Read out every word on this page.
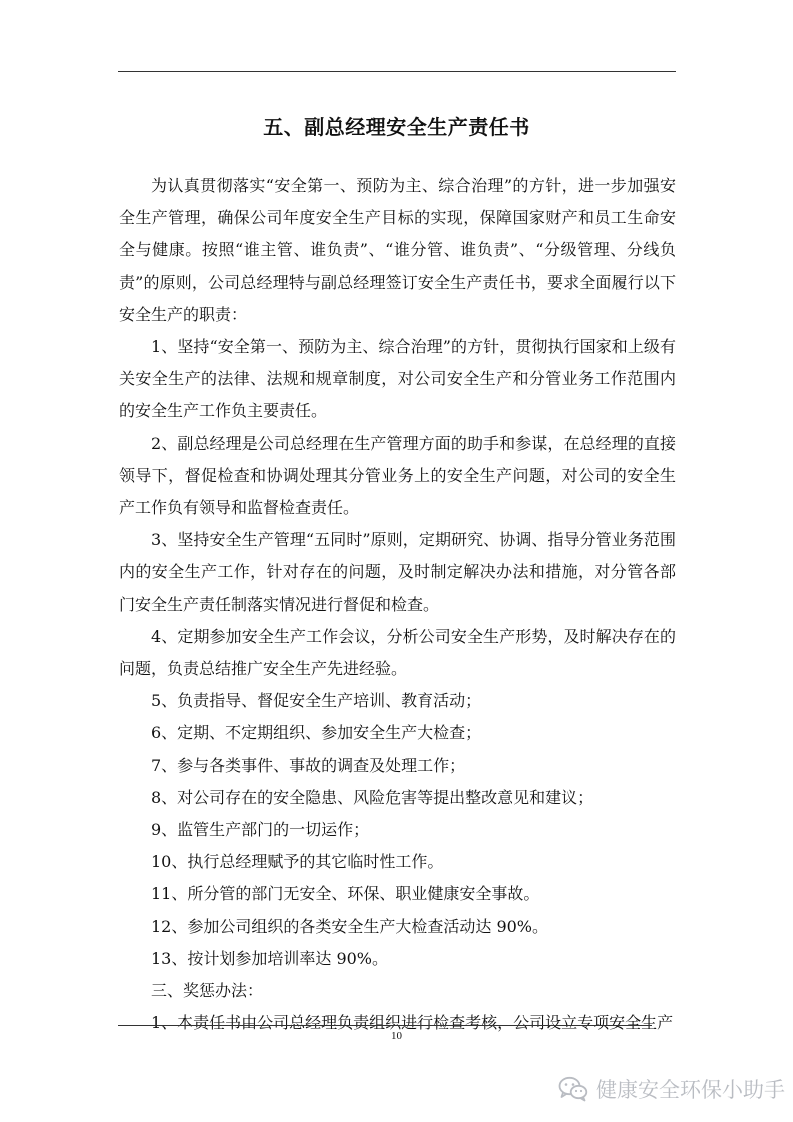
五、副总经理安全生产责任书

为认真贯彻落实“安全第一、预防为主、综合治理”的方针，进一步加强安全生产管理，确保公司年度安全生产目标的实现，保障国家财产和员工生命安全与健康。按照“谁主管、谁负责”、“谁分管、谁负责”、“分级管理、分线负责”的原则，公司总经理特与副总经理签订安全生产责任书，要求全面履行以下安全生产的职责：

1、坚持“安全第一、预防为主、综合治理”的方针，贯彻执行国家和上级有关安全生产的法律、法规和规章制度，对公司安全生产和分管业务工作范围内的安全生产工作负主要责任。

2、副总经理是公司总经理在生产管理方面的助手和参谋，在总经理的直接领导下，督促检查和协调处理其分管业务上的安全生产问题，对公司的安全生产工作负有领导和监督检查责任。

3、坚持安全生产管理“五同时”原则，定期研究、协调、指导分管业务范围内的安全生产工作，针对存在的问题，及时制定解决办法和措施，对分管各部门安全生产责任制落实情况进行督促和检查。

4、定期参加安全生产工作会议，分析公司安全生产形势，及时解决存在的问题，负责总结推广安全生产先进经验。

5、负责指导、督促安全生产培训、教育活动；

6、定期、不定期组织、参加安全生产大检查；

7、参与各类事件、事故的调查及处理工作；

8、对公司存在的安全隐患、风险危害等提出整改意见和建议；

9、监管生产部门的一切运作；

10、执行总经理赋予的其它临时性工作。

11、所分管的部门无安全、环保、职业健康安全事故。

12、参加公司组织的各类安全生产大检查活动达 90%。

13、按计划参加培训率达 90%。

三、奖惩办法：

1、本责任书由公司总经理负责组织进行检查考核，公司设立专项安全生产

10
健康安全环保小助手
